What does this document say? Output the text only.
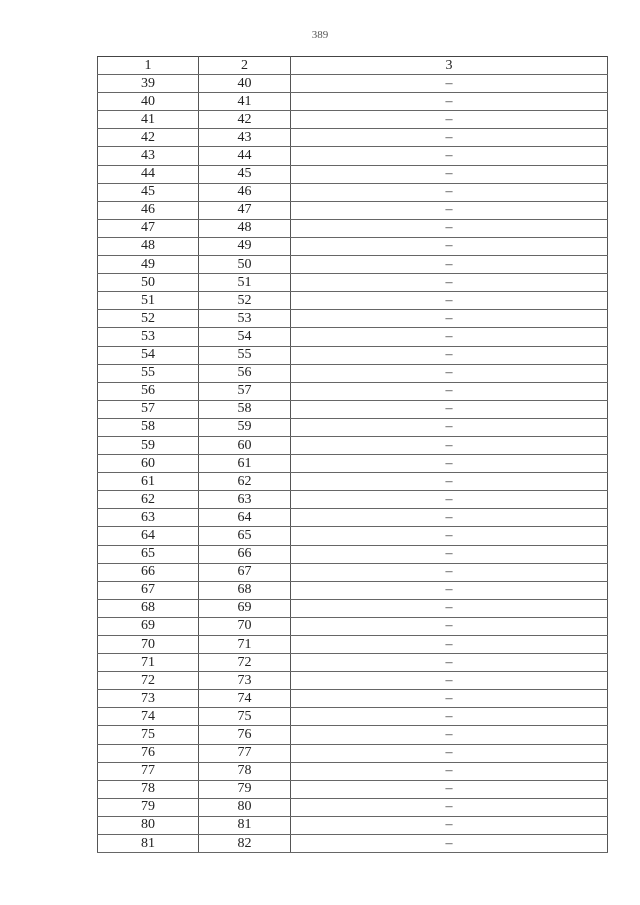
389
1	2	3
39	40	–
40	41	–
41	42	–
42	43	–
43	44	–
44	45	–
45	46	–
46	47	–
47	48	–
48	49	–
49	50	–
50	51	–
51	52	–
52	53	–
53	54	–
54	55	–
55	56	–
56	57	–
57	58	–
58	59	–
59	60	–
60	61	–
61	62	–
62	63	–
63	64	–
64	65	–
65	66	–
66	67	–
67	68	–
68	69	–
69	70	–
70	71	–
71	72	–
72	73	–
73	74	–
74	75	–
75	76	–
76	77	–
77	78	–
78	79	–
79	80	–
80	81	–
81	82	–
